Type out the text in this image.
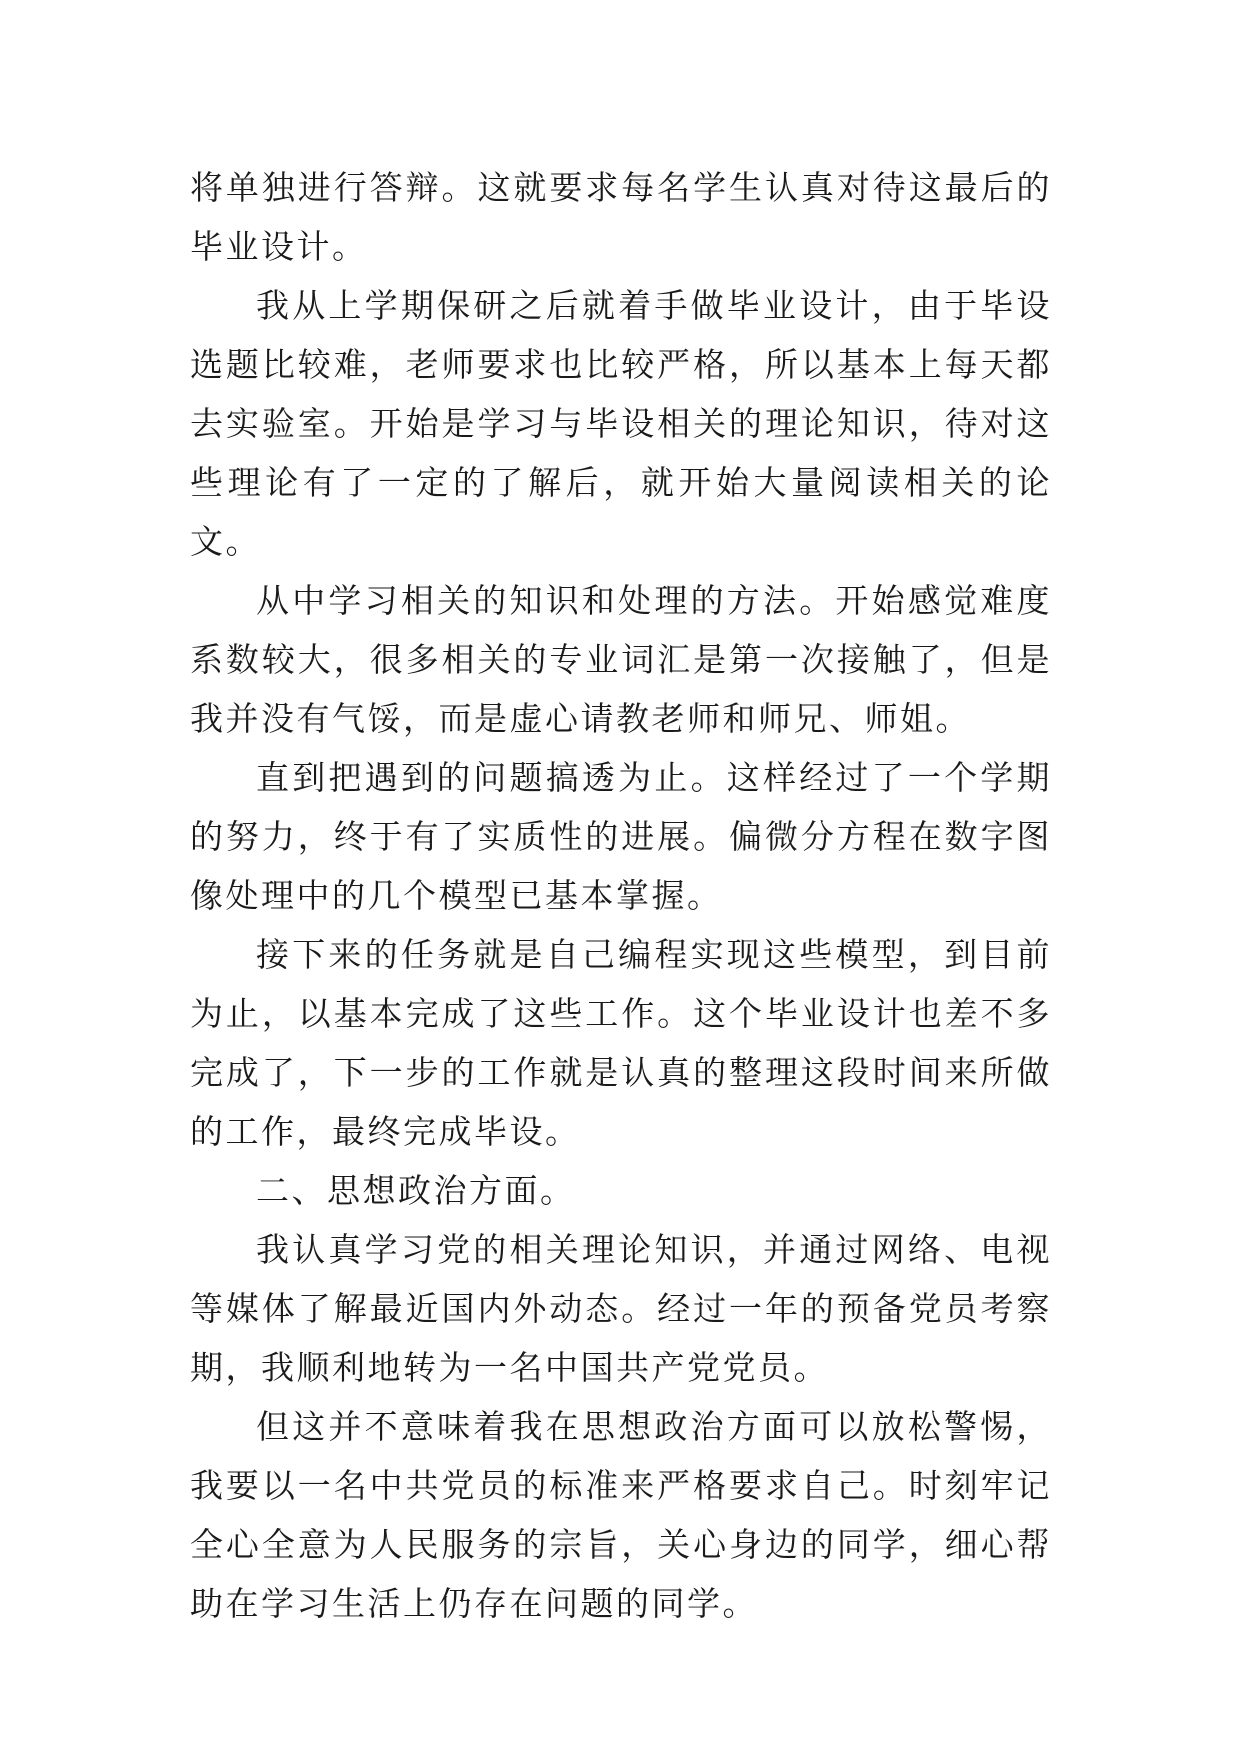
将单独进行答辩。这就要求每名学生认真对待这最后的毕业设计。

我从上学期保研之后就着手做毕业设计，由于毕设选题比较难，老师要求也比较严格，所以基本上每天都去实验室。开始是学习与毕设相关的理论知识，待对这些理论有了一定的了解后，就开始大量阅读相关的论文。

从中学习相关的知识和处理的方法。开始感觉难度系数较大，很多相关的专业词汇是第一次接触了，但是我并没有气馁，而是虚心请教老师和师兄、师姐。

直到把遇到的问题搞透为止。这样经过了一个学期的努力，终于有了实质性的进展。偏微分方程在数字图像处理中的几个模型已基本掌握。

接下来的任务就是自己编程实现这些模型，到目前为止，以基本完成了这些工作。这个毕业设计也差不多完成了，下一步的工作就是认真的整理这段时间来所做的工作，最终完成毕设。

二、思想政治方面。

我认真学习党的相关理论知识，并通过网络、电视等媒体了解最近国内外动态。经过一年的预备党员考察期，我顺利地转为一名中国共产党党员。

但这并不意味着我在思想政治方面可以放松警惕，我要以一名中共党员的标准来严格要求自己。时刻牢记全心全意为人民服务的宗旨，关心身边的同学，细心帮助在学习生活上仍存在问题的同学。
